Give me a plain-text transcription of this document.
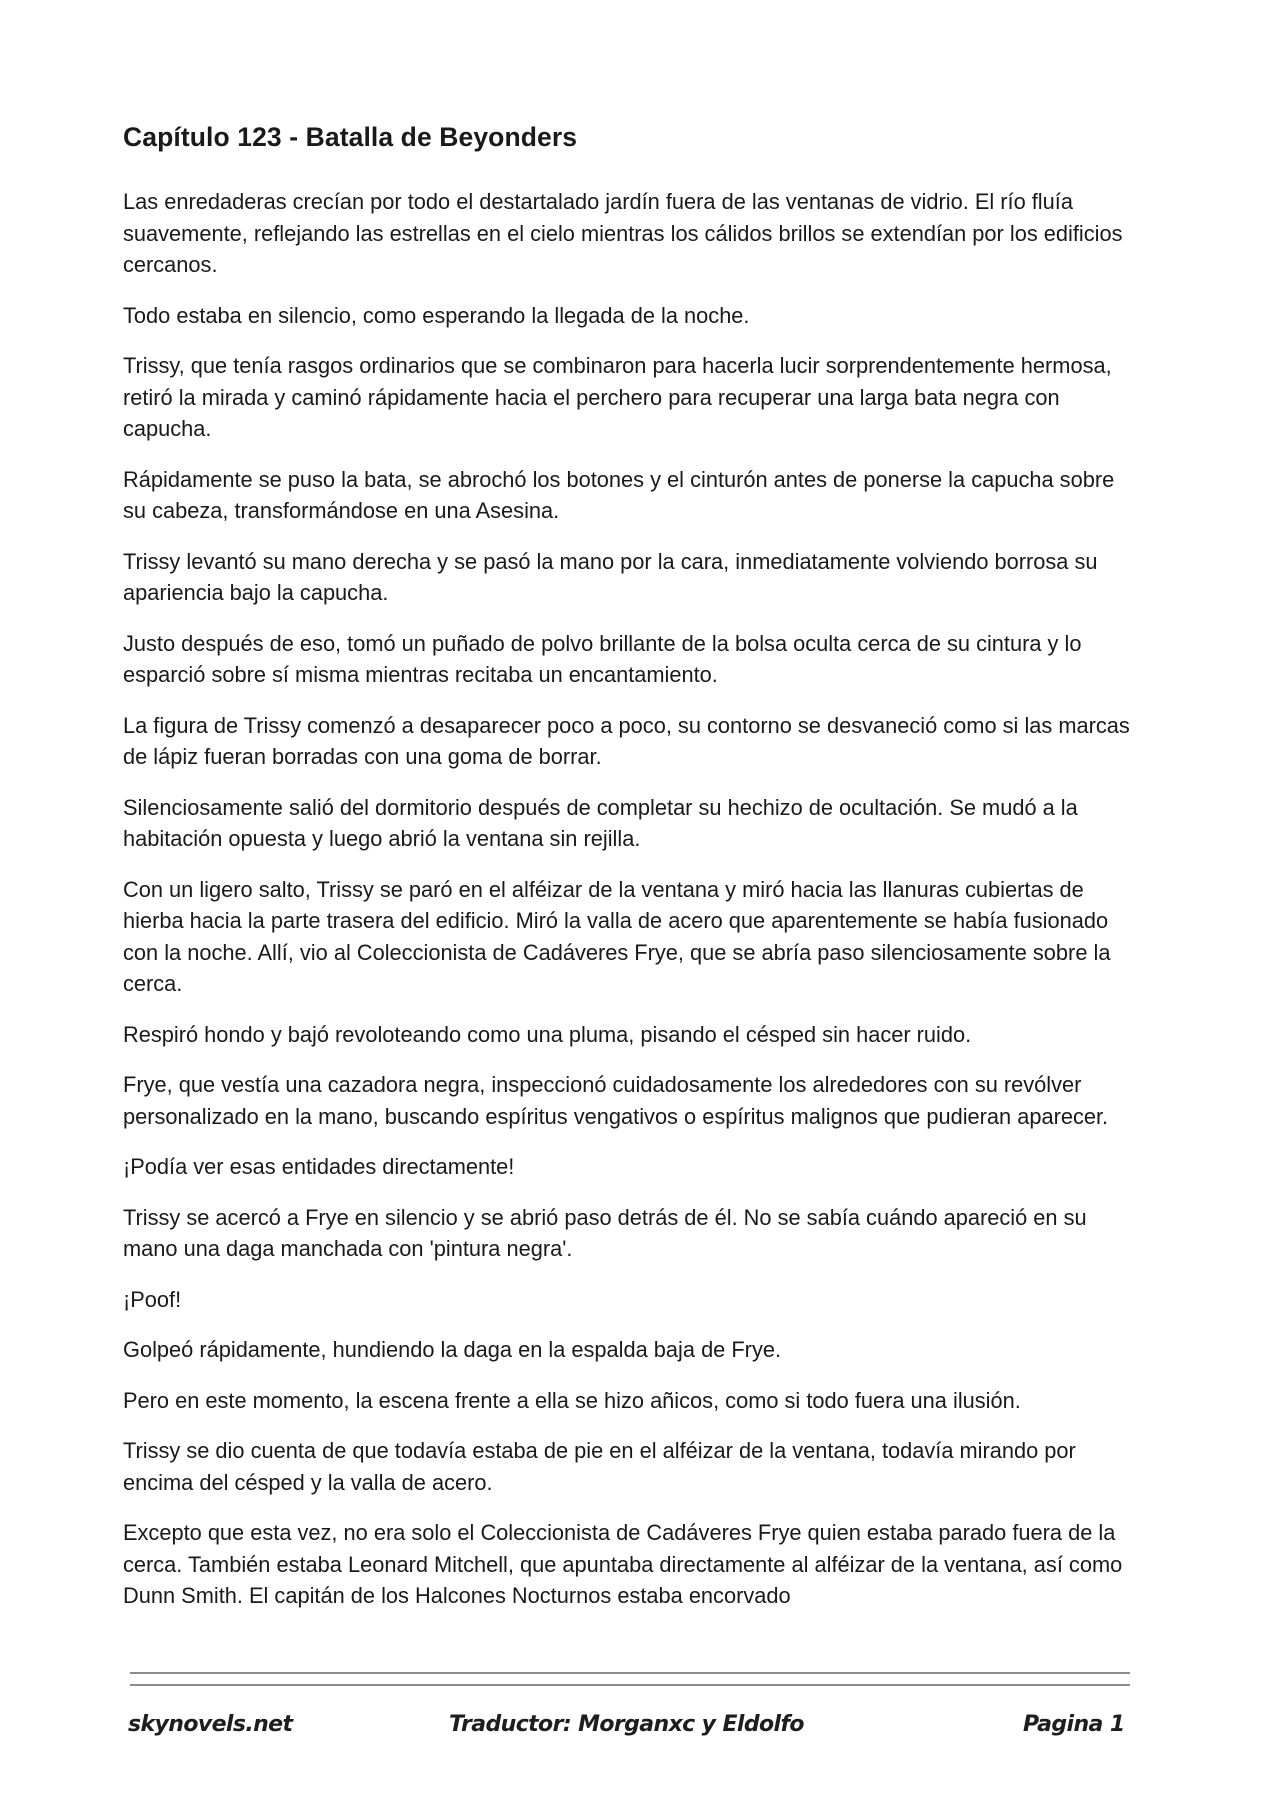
Capítulo 123 - Batalla de Beyonders

Las enredaderas crecían por todo el destartalado jardín fuera de las ventanas de vidrio. El río fluía suavemente, reflejando las estrellas en el cielo mientras los cálidos brillos se extendían por los edificios cercanos.

Todo estaba en silencio, como esperando la llegada de la noche.

Trissy, que tenía rasgos ordinarios que se combinaron para hacerla lucir sorprendentemente hermosa, retiró la mirada y caminó rápidamente hacia el perchero para recuperar una larga bata negra con capucha.

Rápidamente se puso la bata, se abrochó los botones y el cinturón antes de ponerse la capucha sobre su cabeza, transformándose en una Asesina.

Trissy levantó su mano derecha y se pasó la mano por la cara, inmediatamente volviendo borrosa su apariencia bajo la capucha.

Justo después de eso, tomó un puñado de polvo brillante de la bolsa oculta cerca de su cintura y lo esparció sobre sí misma mientras recitaba un encantamiento.

La figura de Trissy comenzó a desaparecer poco a poco, su contorno se desvaneció como si las marcas de lápiz fueran borradas con una goma de borrar.

Silenciosamente salió del dormitorio después de completar su hechizo de ocultación. Se mudó a la habitación opuesta y luego abrió la ventana sin rejilla.

Con un ligero salto, Trissy se paró en el alféizar de la ventana y miró hacia las llanuras cubiertas de hierba hacia la parte trasera del edificio. Miró la valla de acero que aparentemente se había fusionado con la noche. Allí, vio al Coleccionista de Cadáveres Frye, que se abría paso silenciosamente sobre la cerca.

Respiró hondo y bajó revoloteando como una pluma, pisando el césped sin hacer ruido.

Frye, que vestía una cazadora negra, inspeccionó cuidadosamente los alrededores con su revólver personalizado en la mano, buscando espíritus vengativos o espíritus malignos que pudieran aparecer.

¡Podía ver esas entidades directamente!

Trissy se acercó a Frye en silencio y se abrió paso detrás de él. No se sabía cuándo apareció en su mano una daga manchada con 'pintura negra'.

¡Poof!

Golpeó rápidamente, hundiendo la daga en la espalda baja de Frye.

Pero en este momento, la escena frente a ella se hizo añicos, como si todo fuera una ilusión.

Trissy se dio cuenta de que todavía estaba de pie en el alféizar de la ventana, todavía mirando por encima del césped y la valla de acero.

Excepto que esta vez, no era solo el Coleccionista de Cadáveres Frye quien estaba parado fuera de la cerca. También estaba Leonard Mitchell, que apuntaba directamente al alféizar de la ventana, así como Dunn Smith. El capitán de los Halcones Nocturnos estaba encorvado

skynovels.net	Traductor: Morganxc y Eldolfo	Pagina 1
